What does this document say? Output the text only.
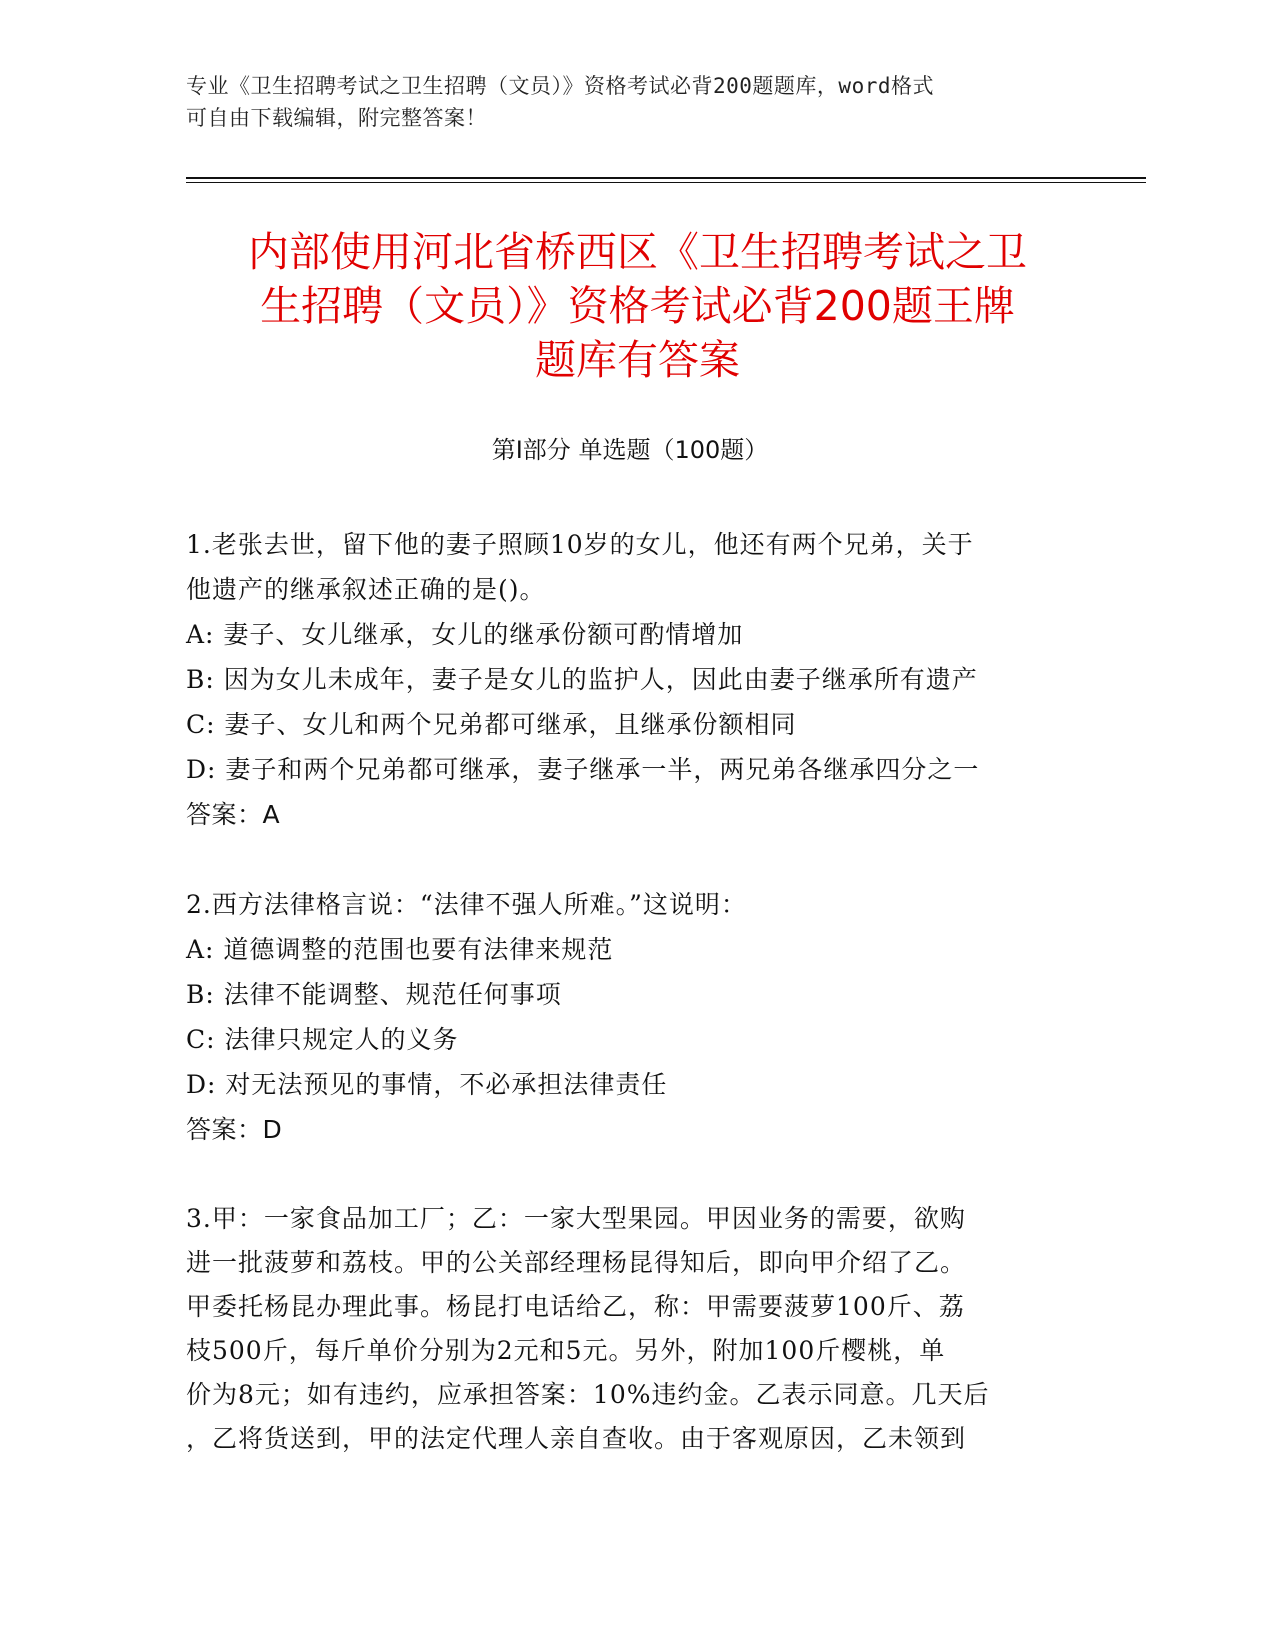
专业《卫生招聘考试之卫生招聘（文员）》资格考试必背200题题库，word格式
可自由下载编辑，附完整答案！
内部使用河北省桥西区《卫生招聘考试之卫
生招聘（文员）》资格考试必背200题王牌
题库有答案
第Ⅰ部分 单选题（100题）
1.老张去世，留下他的妻子照顾10岁的女儿，他还有两个兄弟，关于
他遗产的继承叙述正确的是()。
A: 妻子、女儿继承，女儿的继承份额可酌情增加
B: 因为女儿未成年，妻子是女儿的监护人，因此由妻子继承所有遗产
C: 妻子、女儿和两个兄弟都可继承，且继承份额相同
D: 妻子和两个兄弟都可继承，妻子继承一半，两兄弟各继承四分之一
答案：A
2.西方法律格言说：“法律不强人所难。”这说明：
A: 道德调整的范围也要有法律来规范
B: 法律不能调整、规范任何事项
C: 法律只规定人的义务
D: 对无法预见的事情，不必承担法律责任
答案：D
3.甲：一家食品加工厂；乙：一家大型果园。甲因业务的需要，欲购
进一批菠萝和荔枝。甲的公关部经理杨昆得知后，即向甲介绍了乙。
甲委托杨昆办理此事。杨昆打电话给乙，称：甲需要菠萝100斤、荔
枝500斤，每斤单价分别为2元和5元。另外，附加100斤樱桃，单
价为8元；如有违约，应承担答案：10%违约金。乙表示同意。几天后
，乙将货送到，甲的法定代理人亲自查收。由于客观原因，乙未领到
